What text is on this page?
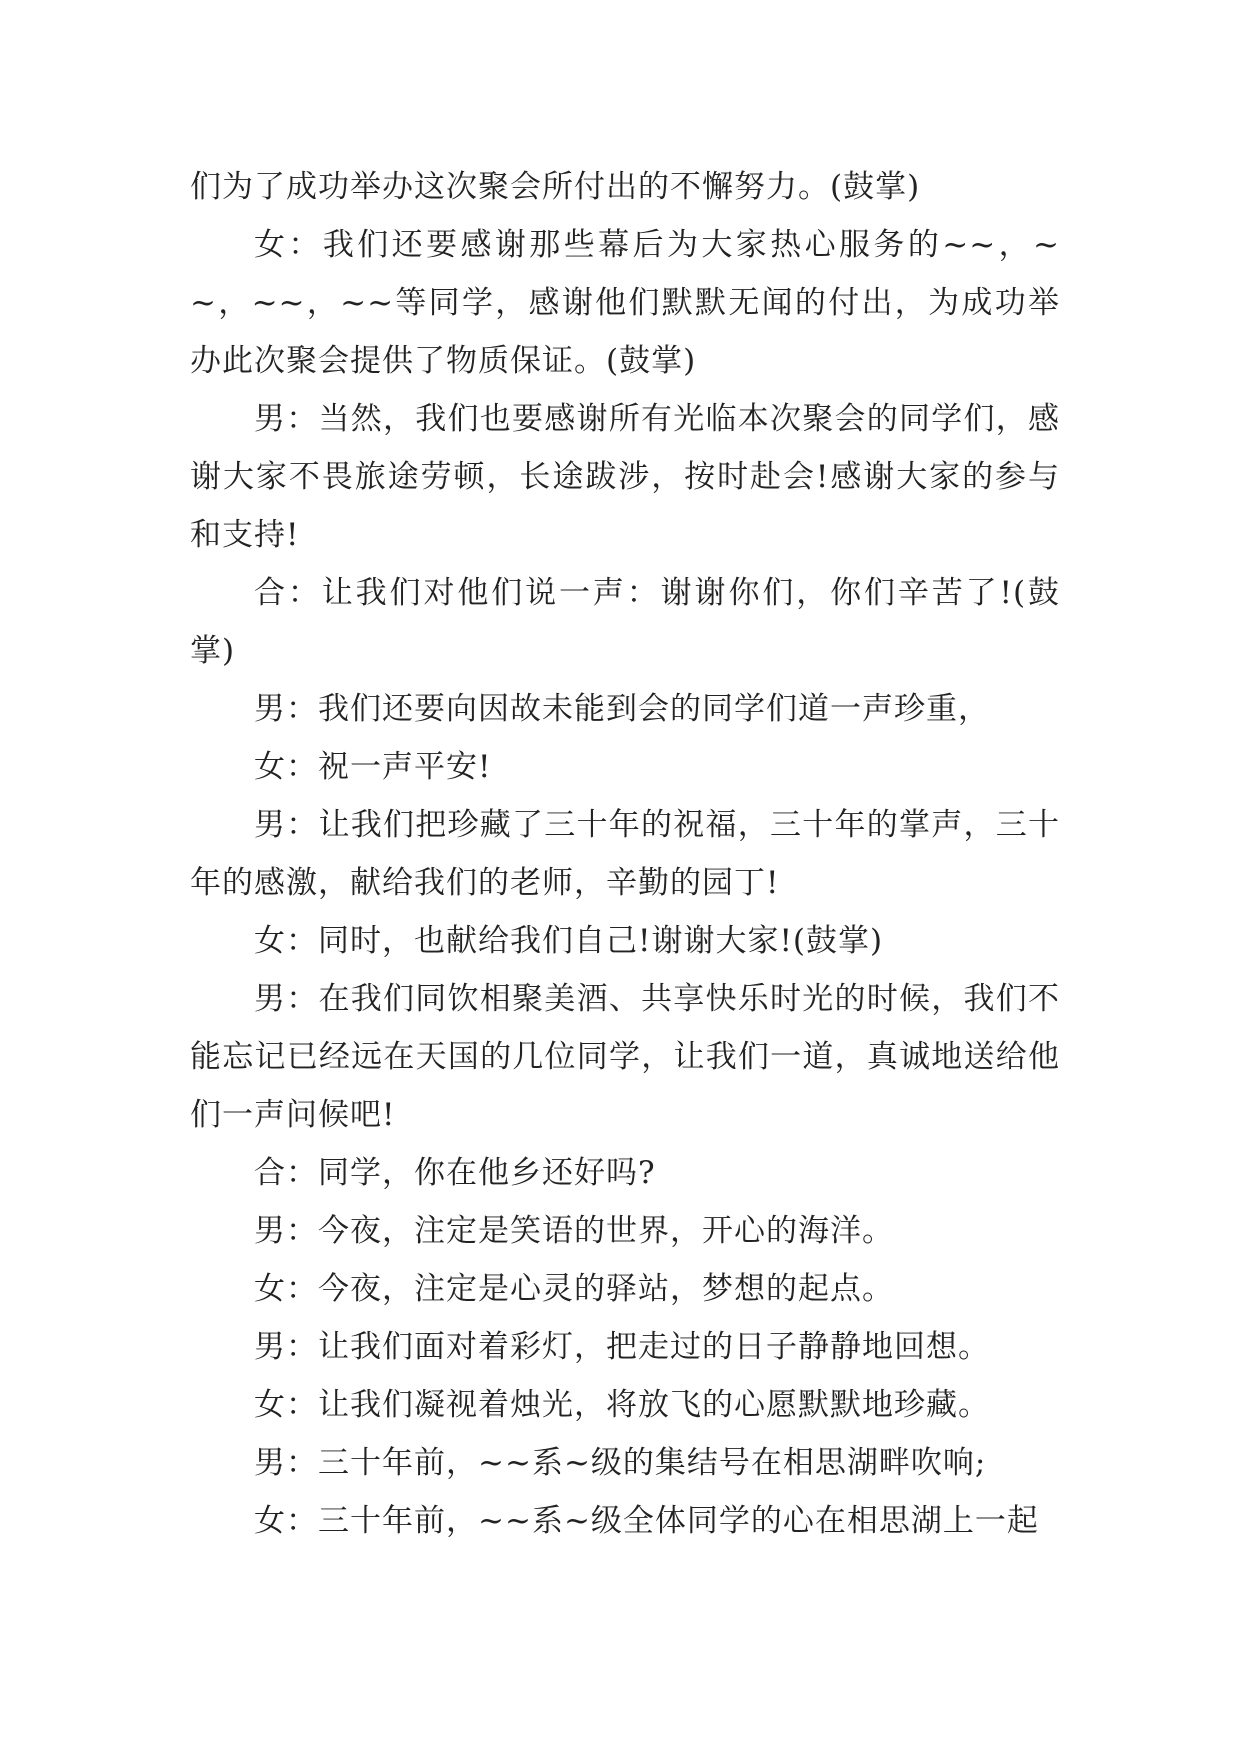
们为了成功举办这次聚会所付出的不懈努力。(鼓掌)

女：我们还要感谢那些幕后为大家热心服务的~~，~~，~~，~~等同学，感谢他们默默无闻的付出，为成功举办此次聚会提供了物质保证。(鼓掌)

男：当然，我们也要感谢所有光临本次聚会的同学们，感谢大家不畏旅途劳顿，长途跋涉，按时赴会!感谢大家的参与和支持!

合：让我们对他们说一声：谢谢你们，你们辛苦了!(鼓掌)

男：我们还要向因故未能到会的同学们道一声珍重，

女：祝一声平安!

男：让我们把珍藏了三十年的祝福，三十年的掌声，三十年的感激，献给我们的老师，辛勤的园丁!

女：同时，也献给我们自己!谢谢大家!(鼓掌)

男：在我们同饮相聚美酒、共享快乐时光的时候，我们不能忘记已经远在天国的几位同学，让我们一道，真诚地送给他们一声问候吧!

合：同学，你在他乡还好吗?

男：今夜，注定是笑语的世界，开心的海洋。

女：今夜，注定是心灵的驿站，梦想的起点。

男：让我们面对着彩灯，把走过的日子静静地回想。

女：让我们凝视着烛光，将放飞的心愿默默地珍藏。

男：三十年前，~~系~级的集结号在相思湖畔吹响;

女：三十年前，~~系~级全体同学的心在相思湖上一起
